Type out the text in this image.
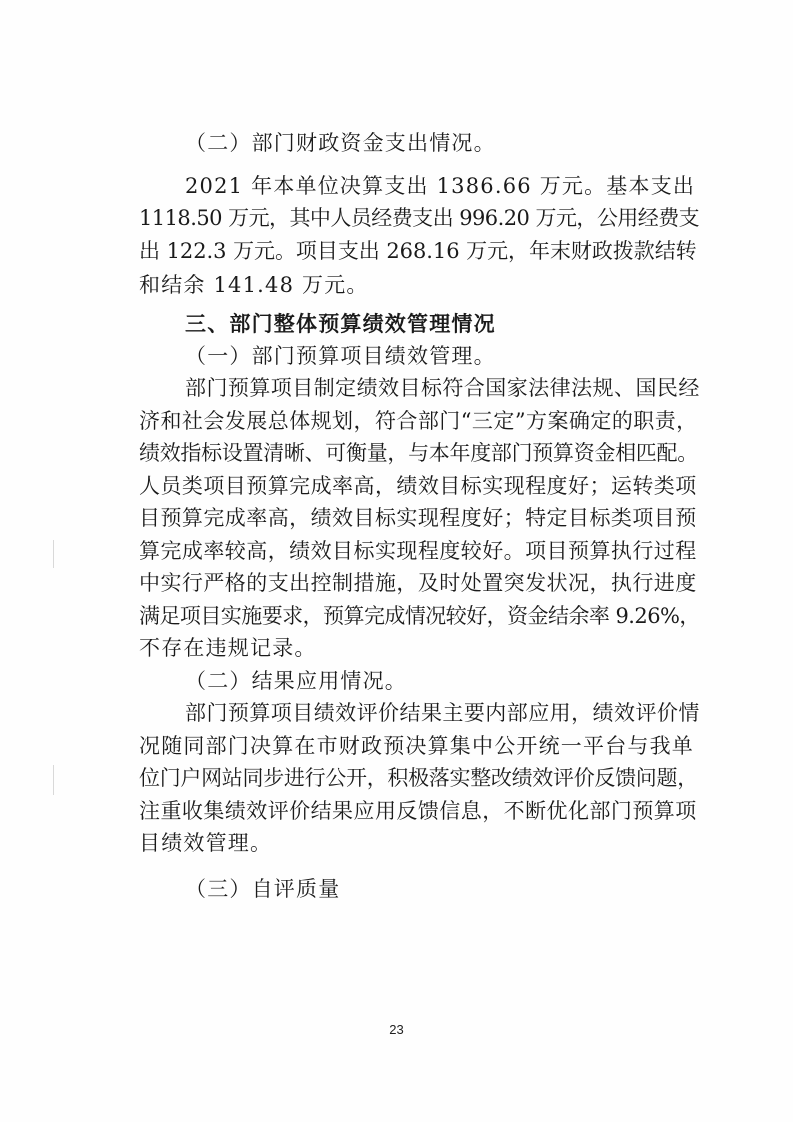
（二）部门财政资金支出情况。
2021 年本单位决算支出 1386.66 万元。基本支出
1118.50 万元，其中人员经费支出 996.20 万元，公用经费支
出 122.3 万元。项目支出 268.16 万元，年末财政拨款结转
和结余 141.48 万元。
三、部门整体预算绩效管理情况
（一）部门预算项目绩效管理。
部门预算项目制定绩效目标符合国家法律法规、国民经
济和社会发展总体规划，符合部门“三定”方案确定的职责，
绩效指标设置清晰、可衡量，与本年度部门预算资金相匹配。
人员类项目预算完成率高，绩效目标实现程度好；运转类项
目预算完成率高，绩效目标实现程度好；特定目标类项目预
算完成率较高，绩效目标实现程度较好。项目预算执行过程
中实行严格的支出控制措施，及时处置突发状况，执行进度
满足项目实施要求，预算完成情况较好，资金结余率 9.26%，
不存在违规记录。
（二）结果应用情况。
部门预算项目绩效评价结果主要内部应用，绩效评价情
况随同部门决算在市财政预决算集中公开统一平台与我单
位门户网站同步进行公开，积极落实整改绩效评价反馈问题，
注重收集绩效评价结果应用反馈信息，不断优化部门预算项
目绩效管理。
（三）自评质量
23
